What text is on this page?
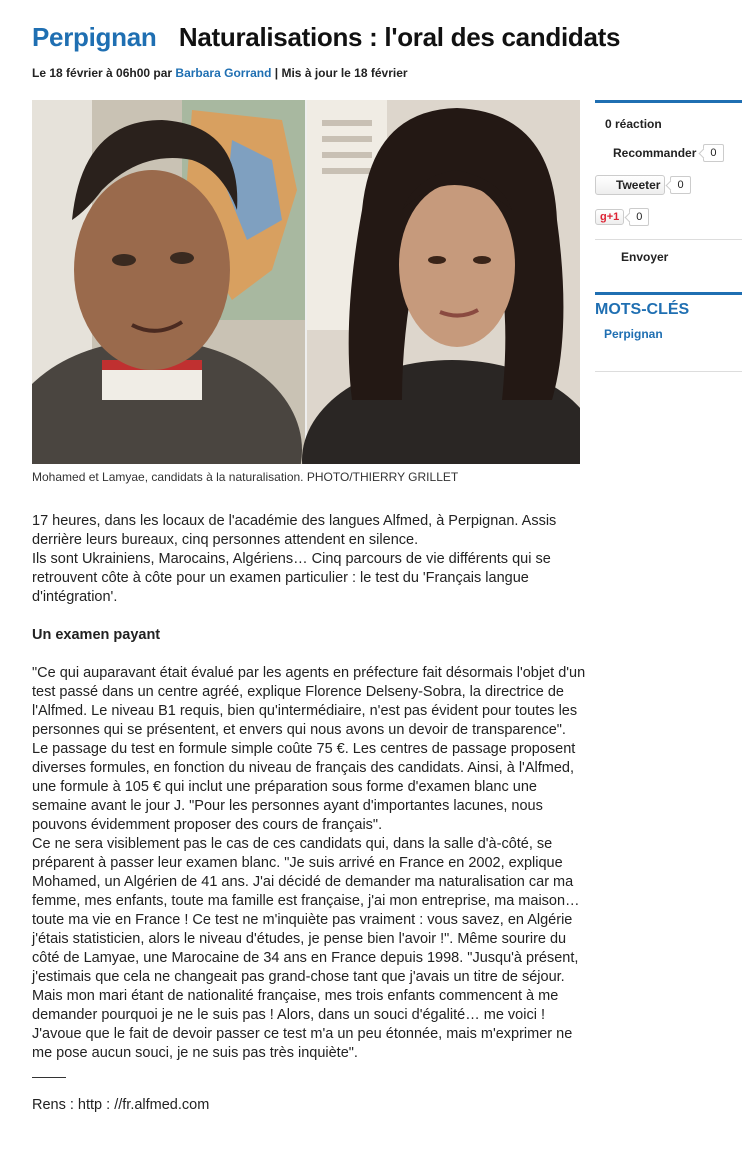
Perpignan Naturalisations : l'oral des candidats
Le 18 février à 06h00 par Barbara Gorrand | Mis à jour le 18 février
Mohamed et Lamyae, candidats à la naturalisation. PHOTO/THIERRY GRILLET

17 heures, dans les locaux de l'académie des langues Alfmed, à Perpignan. Assis derrière leurs bureaux, cinq personnes attendent en silence.

Ils sont Ukrainiens, Marocains, Algériens… Cinq parcours de vie différents qui se retrouvent côte à côte pour un examen particulier : le test du 'Français langue d'intégration'.

Un examen payant

"Ce qui auparavant était évalué par les agents en préfecture fait désormais l'objet d'un test passé dans un centre agréé, explique Florence Delseny-Sobra, la directrice de l'Alfmed. Le niveau B1 requis, bien qu'intermédiaire, n'est pas évident pour toutes les personnes qui se présentent, et envers qui nous avons un devoir de transparence".

Le passage du test en formule simple coûte 75 €. Les centres de passage proposent diverses formules, en fonction du niveau de français des candidats. Ainsi, à l'Alfmed, une formule à 105 € qui inclut une préparation sous forme d'examen blanc une semaine avant le jour J. "Pour les personnes ayant d'importantes lacunes, nous pouvons évidemment proposer des cours de français".

Ce ne sera visiblement pas le cas de ces candidats qui, dans la salle d'à-côté, se préparent à passer leur examen blanc. "Je suis arrivé en France en 2002, explique Mohamed, un Algérien de 41 ans. J'ai décidé de demander ma naturalisation car ma femme, mes enfants, toute ma famille est française, j'ai mon entreprise, ma maison… toute ma vie en France ! Ce test ne m'inquiète pas vraiment : vous savez, en Algérie j'étais statisticien, alors le niveau d'études, je pense bien l'avoir !". Même sourire du côté de Lamyae, une Marocaine de 34 ans en France depuis 1998. "Jusqu'à présent, j'estimais que cela ne changeait pas grand-chose tant que j'avais un titre de séjour. Mais mon mari étant de nationalité française, mes trois enfants commencent à me demander pourquoi je ne le suis pas ! Alors, dans un souci d'égalité… me voici ! J'avoue que le fait de devoir passer ce test m'a un peu étonnée, mais m'exprimer ne me pose aucun souci, je ne suis pas très inquiète".

Rens : http : //fr.alfmed.com

0 réaction
Recommander	0
Tweeter	0
g+1	0
Envoyer
MOTS-CLÉS
Perpignan
